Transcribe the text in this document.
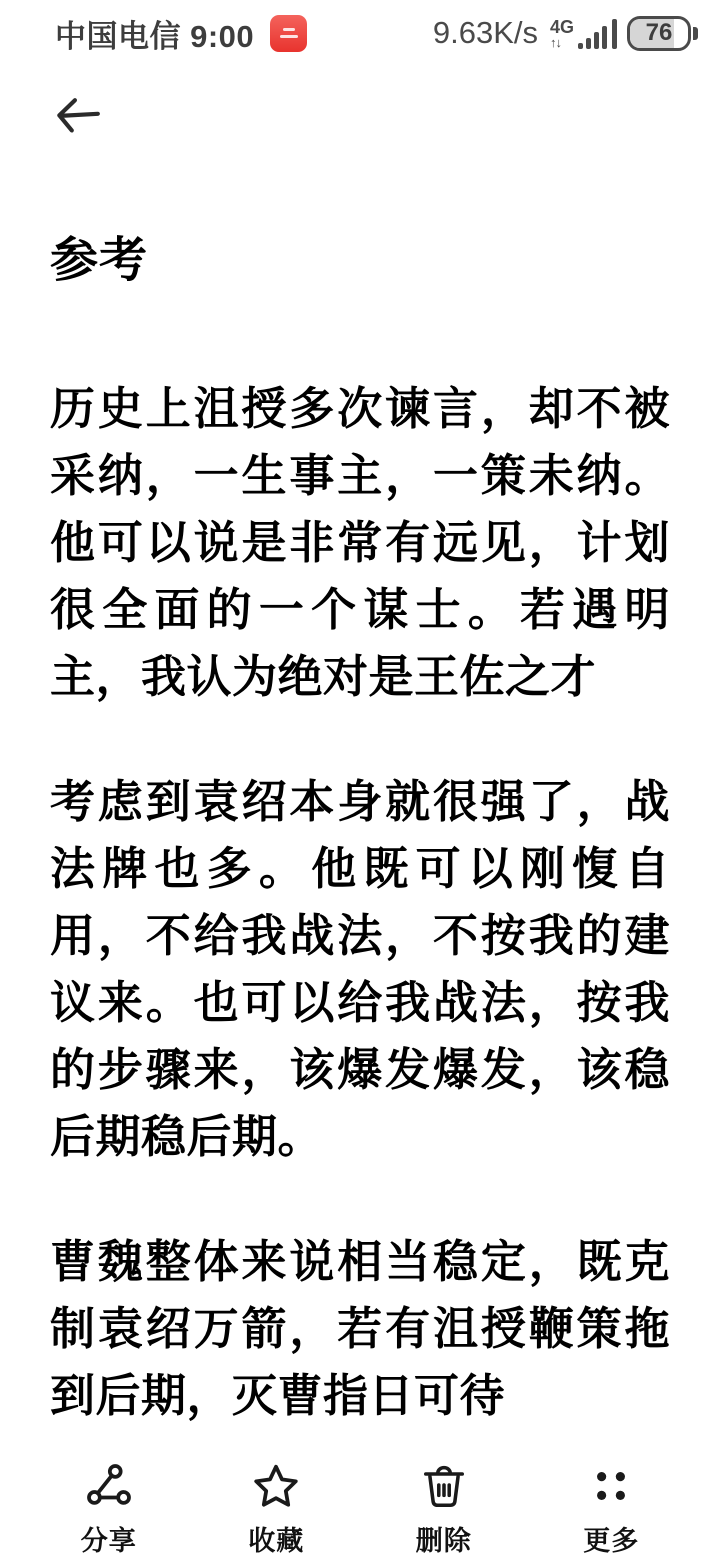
中国电信 9:00	9.63K/s 4G
↑↓	76
参考

历史上沮授多次谏言，却不被采纳，一生事主，一策未纳。他可以说是非常有远见，计划很全面的一个谋士。若遇明主，我认为绝对是王佐之才

考虑到袁绍本身就很强了，战法牌也多。他既可以刚愎自用，不给我战法，不按我的建议来。也可以给我战法，按我的步骤来，该爆发爆发，该稳后期稳后期。

曹魏整体来说相当稳定，既克制袁绍万箭，若有沮授鞭策拖到后期，灭曹指日可待

分享	收藏	删除	更多
